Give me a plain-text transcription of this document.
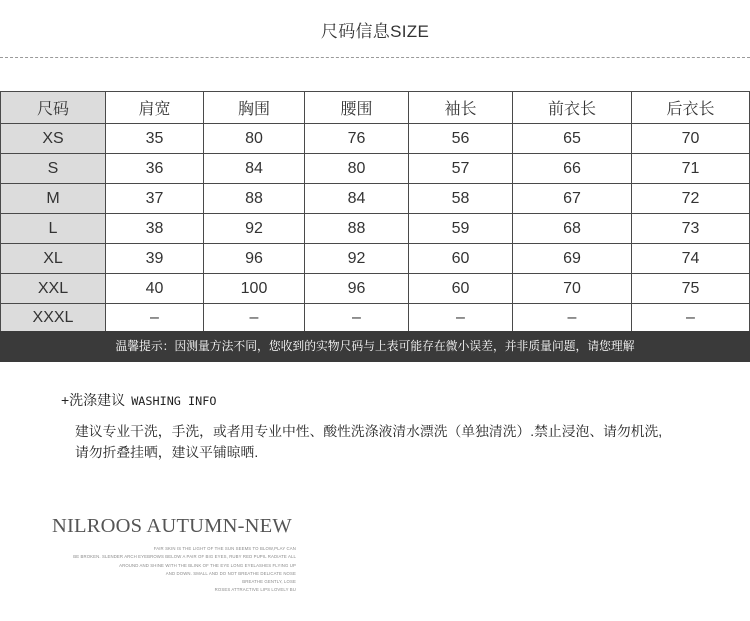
尺码信息SIZE
尺码	肩宽	胸围	腰围	袖长	前衣长	后衣长
XS	35	80	76	56	65	70
S	36	84	80	57	66	71
M	37	88	84	58	67	72
L	38	92	88	59	68	73
XL	39	96	92	60	69	74
XXL	40	100	96	60	70	75
XXXL	–	–	–	–	–	–
温馨提示：因测量方法不同，您收到的实物尺码与上表可能存在微小误差，并非质量问题，请您理解
+洗涤建议 WASHING INFO
建议专业干洗，手洗，或者用专业中性、酸性洗涤液清水漂洗（单独清洗）.禁止浸泡、请勿机洗,
请勿折叠挂晒，建议平铺晾晒.
NILROOS AUTUMN-NEW
FAIR SKIN IS THE LIGHT OF THE SUN SEEMS TO BLOW,PLAY CAN
BE BROKEN. SLENDER ARCH EYEBROWS BELOW A PAIR OF BIG EYES, RUBY RED PUPIL RADIATE ALL
AROUND AND SHINE WITH THE BLINK OF THE EYE LONG EYELASHES FLYING UP
AND DOWN. SMALL AND DO NOT BREATHE DELICATE NOSE
BREATHE GENTLY, LOSE
ROSES ATTRACTIVE LIPS LOVELY BU
